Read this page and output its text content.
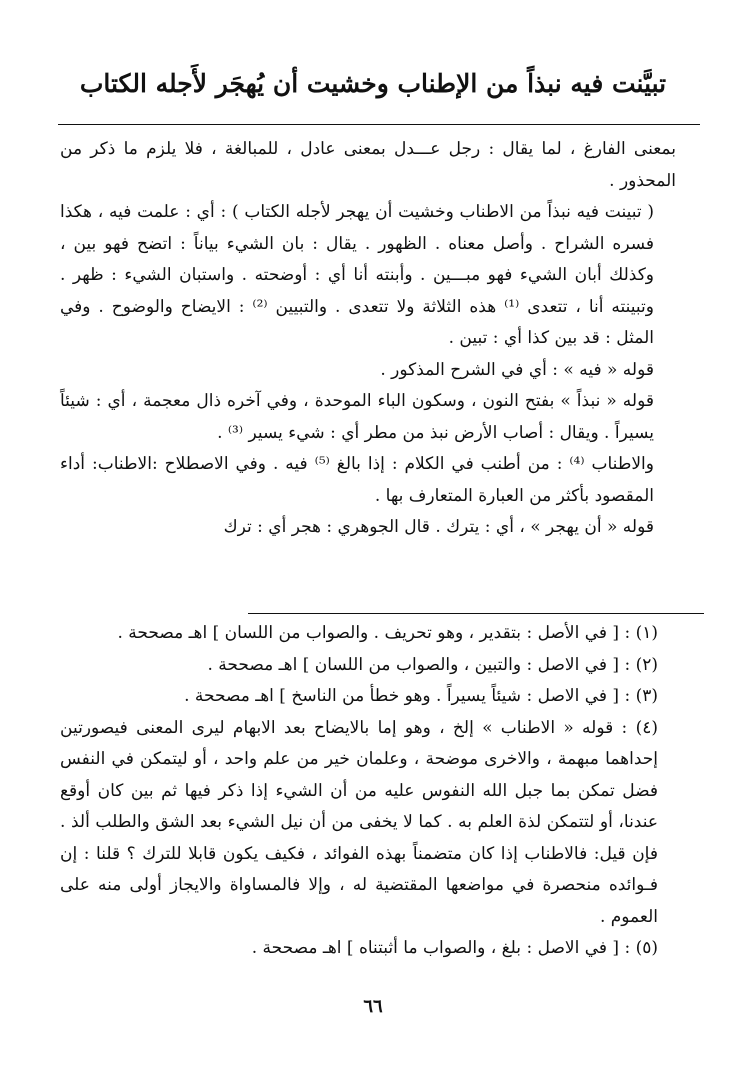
تبيَّنت فيه نبذاً من الإطناب وخشيت أن يُهجَر لأَجله الكتاب

بمعنى الفارغ ، لما يقال : رجل عـــدل بمعنى عادل ، للمبالغة ، فلا يلزم ما ذكر من المحذور .

( تبينت فيه نبذاً من الاطناب وخشيت أن يهجر لأجله الكتاب ) : أي : علمت فيه ، هكذا فسره الشراح . وأصل معناه . الظهور . يقال : بان الشيء بياناً : اتضح فهو بين ، وكذلك أبان الشيء فهو مبـــين . وأبنته أنا أي : أوضحته . واستبان الشيء : ظهر . وتبينته أنا ، تتعدى ⁽¹⁾ هذه الثلاثة ولا تتعدى . والتبيين ⁽²⁾ : الايضاح والوضوح . وفي المثل : قد بين كذا أي : تبين .

قوله « فيه » : أي في الشرح المذكور .

قوله « نبذاً » بفتح النون ، وسكون الباء الموحدة ، وفي آخره ذال معجمة ، أي : شيئاً يسيراً . ويقال : أصاب الأرض نبذ من مطر أي : شيء يسير ⁽³⁾ .

والاطناب ⁽⁴⁾ : من أطنب في الكلام : إذا بالغ ⁽⁵⁾ فيه . وفي الاصطلاح :الاطناب: أداء المقصود بأكثر من العبارة المتعارف بها .

قوله « أن يهجر » ، أي : يترك . قال الجوهري : هجر أي : ترك

(١) : [ في الأصل : بتقدير ، وهو تحريف . والصواب من اللسان ] اهـ مصححة .

(٢) : [ في الاصل : والتبين ، والصواب من اللسان ] اهـ مصححة .

(٣) : [ في الاصل : شيئاً يسيراً . وهو خطأ من الناسخ ] اهـ مصححة .

(٤) : قوله « الاطناب » إلخ ، وهو إما بالايضاح بعد الابهام ليرى المعنى فيصورتين إحداهما مبهمة ، والاخرى موضحة ، وعلمان خير من علم واحد ، أو ليتمكن في النفس فضل تمكن بما جبل الله النفوس عليه من أن الشيء إذا ذكر فيها ثم بين كان أوقع عندنا، أو لتتمكن لذة العلم به . كما لا يخفى من أن نيل الشيء بعد الشق والطلب ألذ . فإن قيل: فالاطناب إذا كان متضمناً بهذه الفوائد ، فكيف يكون قابلا للترك ؟ قلنا : إن فـوائده منحصرة في مواضعها المقتضية له ، وإلا فالمساواة والايجاز أولى منه على العموم .

(٥) : [ في الاصل : بلغ ، والصواب ما أثبتناه ] اهـ مصححة .

٦٦
